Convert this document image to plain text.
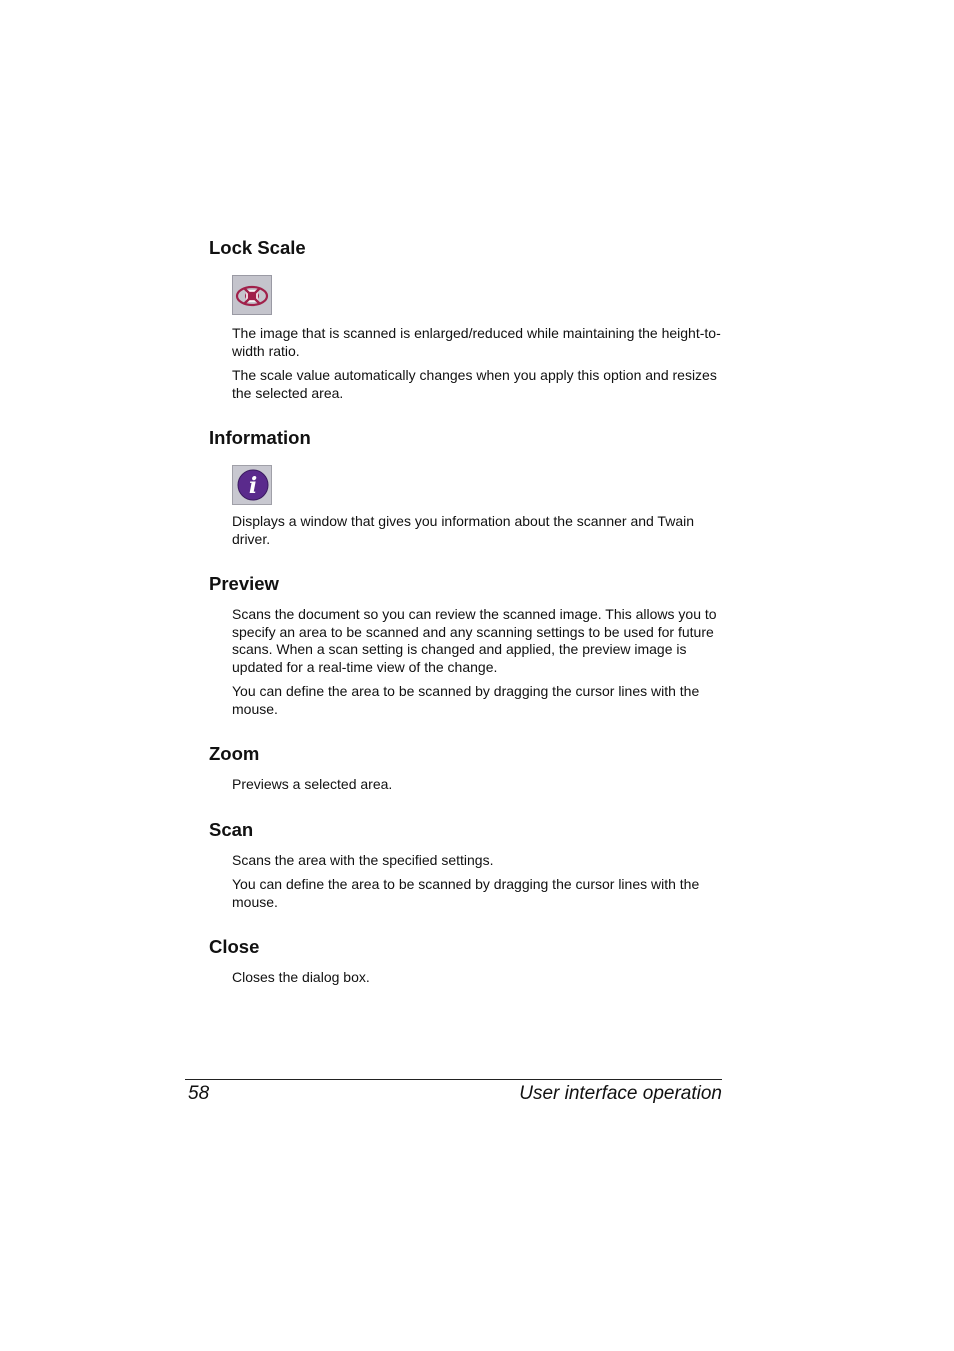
Lock Scale

The image that is scanned is enlarged/reduced while maintaining the height-to-width ratio.

The scale value automatically changes when you apply this option and resizes the selected area.

Information
i

Displays a window that gives you information about the scanner and Twain driver.

Preview

Scans the document so you can review the scanned image. This allows you to specify an area to be scanned and any scanning settings to be used for future scans. When a scan setting is changed and applied, the preview image is updated for a real-time view of the change.

You can define the area to be scanned by dragging the cursor lines with the mouse.

Zoom

Previews a selected area.

Scan

Scans the area with the specified settings.

You can define the area to be scanned by dragging the cursor lines with the mouse.

Close

Closes the dialog box.

58	User interface operation
